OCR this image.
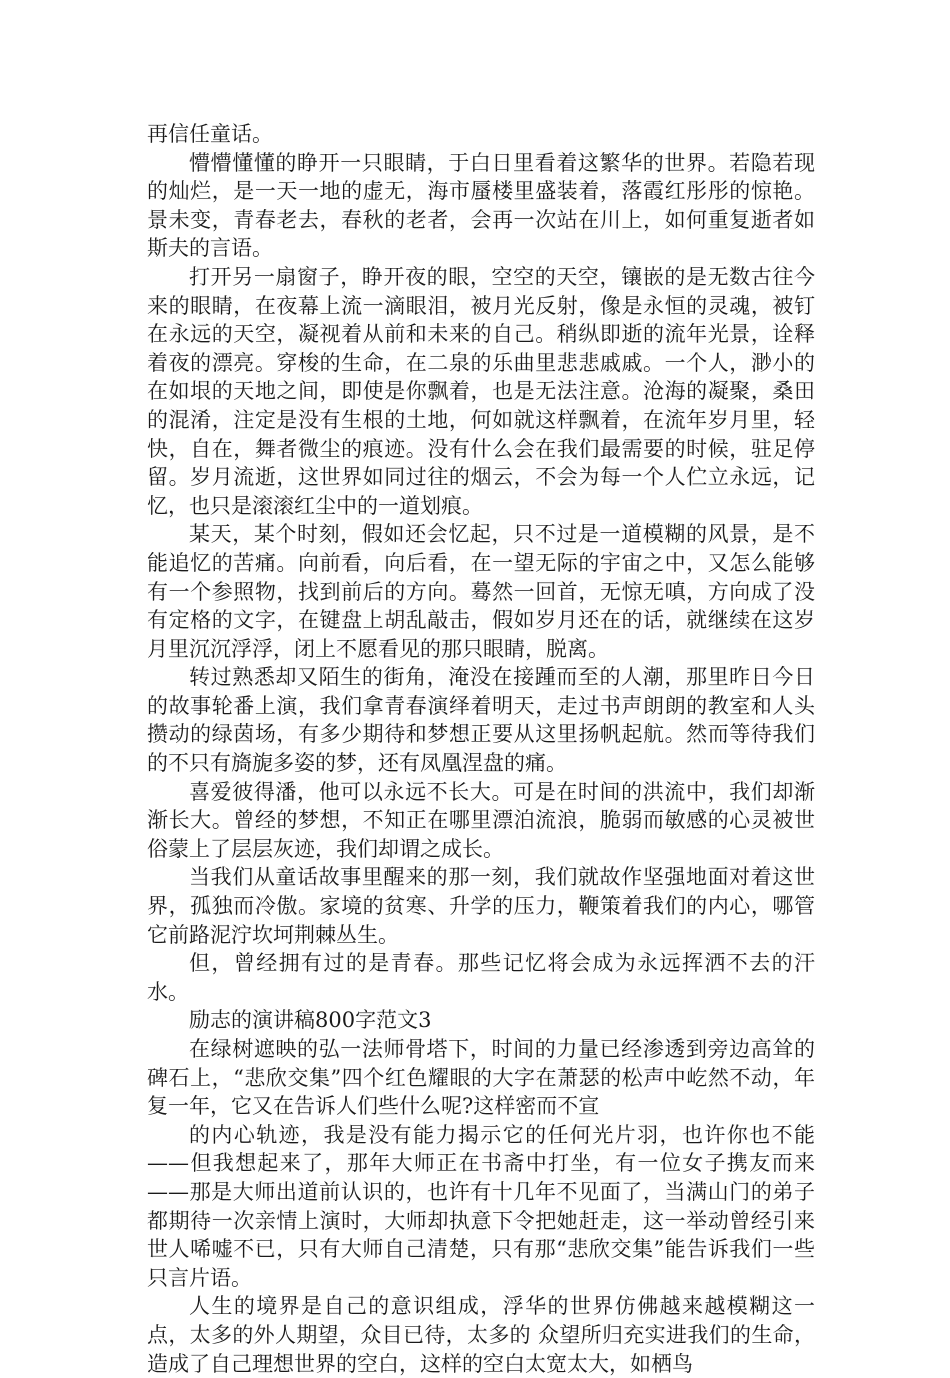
再信任童话。

懵懵懂懂的睁开一只眼睛，于白日里看着这繁华的世界。若隐若现的灿烂，是一天一地的虚无，海市蜃楼里盛装着，落霞红彤彤的惊艳。景未变，青春老去，春秋的老者，会再一次站在川上，如何重复逝者如斯夫的言语。

打开另一扇窗子，睁开夜的眼，空空的天空，镶嵌的是无数古往今来的眼睛，在夜幕上流一滴眼泪，被月光反射，像是永恒的灵魂，被钉在永远的天空，凝视着从前和未来的自己。稍纵即逝的流年光景，诠释着夜的漂亮。穿梭的生命，在二泉的乐曲里悲悲戚戚。一个人，渺小的在如垠的天地之间，即使是你飘着，也是无法注意。沧海的凝聚，桑田的混淆，注定是没有生根的土地，何如就这样飘着，在流年岁月里，轻快，自在，舞者微尘的痕迹。没有什么会在我们最需要的时候，驻足停留。岁月流逝，这世界如同过往的烟云，不会为每一个人伫立永远，记忆，也只是滚滚红尘中的一道划痕。

某天，某个时刻，假如还会忆起，只不过是一道模糊的风景，是不能追忆的苦痛。向前看，向后看，在一望无际的宇宙之中，又怎么能够有一个参照物，找到前后的方向。蓦然一回首，无惊无嗔，方向成了没有定格的文字，在键盘上胡乱敲击，假如岁月还在的话，就继续在这岁月里沉沉浮浮，闭上不愿看见的那只眼睛，脱离。

转过熟悉却又陌生的街角，淹没在接踵而至的人潮，那里昨日今日的故事轮番上演，我们拿青春演绎着明天，走过书声朗朗的教室和人头攒动的绿茵场，有多少期待和梦想正要从这里扬帆起航。然而等待我们的不只有旖旎多姿的梦，还有凤凰涅盘的痛。

喜爱彼得潘，他可以永远不长大。可是在时间的洪流中，我们却渐渐长大。曾经的梦想，不知正在哪里漂泊流浪，脆弱而敏感的心灵被世俗蒙上了层层灰迹，我们却谓之成长。

当我们从童话故事里醒来的那一刻，我们就故作坚强地面对着这世界，孤独而冷傲。家境的贫寒、升学的压力，鞭策着我们的内心，哪管它前路泥泞坎坷荆棘丛生。

但，曾经拥有过的是青春。那些记忆将会成为永远挥洒不去的汗水。

励志的演讲稿800字范文3

在绿树遮映的弘一法师骨塔下，时间的力量已经渗透到旁边高耸的碑石上，“悲欣交集”四个红色耀眼的大字在萧瑟的松声中屹然不动，年复一年，它又在告诉人们些什么呢?这样密而不宣

的内心轨迹，我是没有能力揭示它的任何光片羽，也许你也不能——但我想起来了，那年大师正在书斋中打坐，有一位女子携友而来——那是大师出道前认识的，也许有十几年不见面了，当满山门的弟子都期待一次亲情上演时，大师却执意下令把她赶走，这一举动曾经引来世人唏嘘不已，只有大师自己清楚，只有那“悲欣交集”能告诉我们一些只言片语。

人生的境界是自己的意识组成，浮华的世界仿佛越来越模糊这一点，太多的外人期望，众目已待，太多的 众望所归充实进我们的生命，造成了自己理想世界的空白，这样的空白太宽太大，如栖鸟
